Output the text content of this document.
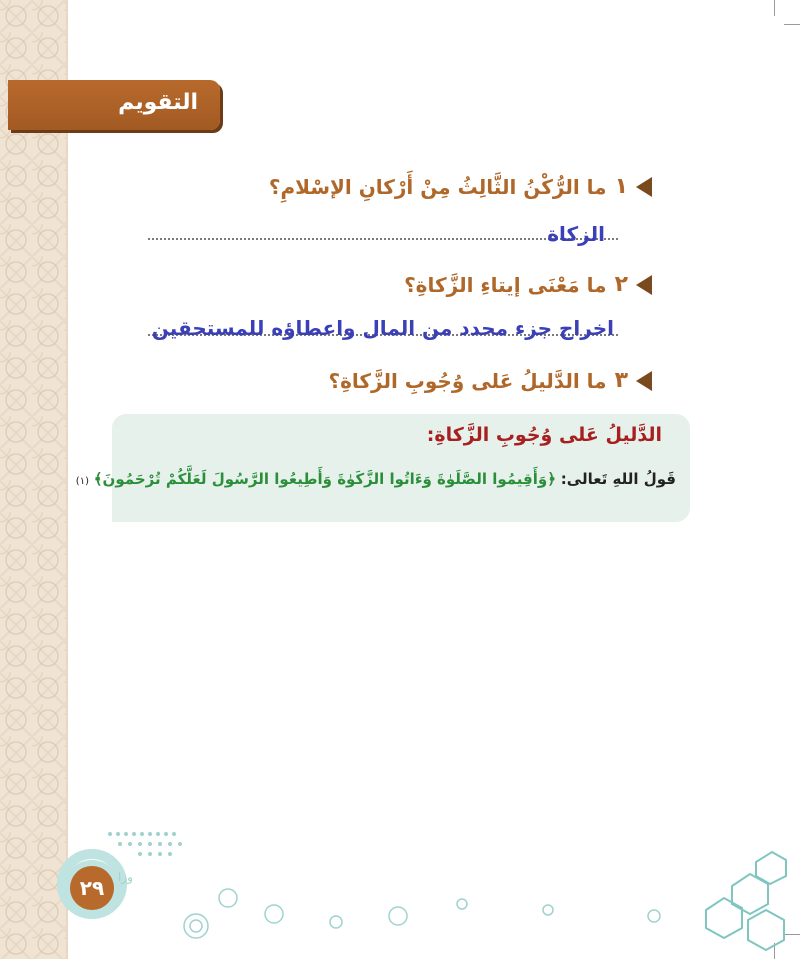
التقويم
١
ما الرُّكْنُ الثَّالِثُ مِنْ أَرْكانِ الإسْلامِ؟
الزكاة
٢
ما مَعْنَى إيتاءِ الزَّكاةِ؟
اخراج جزء محدد من المال واعطاؤه للمستحقين
٣
ما الدَّليلُ عَلى وُجُوبِ الزَّكاةِ؟
الدَّليلُ عَلى وُجُوبِ الزَّكاةِ:
قَولُ اللهِ تَعالى: ﴿وَأَقِيمُوا الصَّلَوٰةَ وَءَاتُوا الزَّكَوٰةَ وَأَطِيعُوا الرَّسُولَ لَعَلَّكُمْ تُرْحَمُونَ﴾ (١)
٢٩	وزا
